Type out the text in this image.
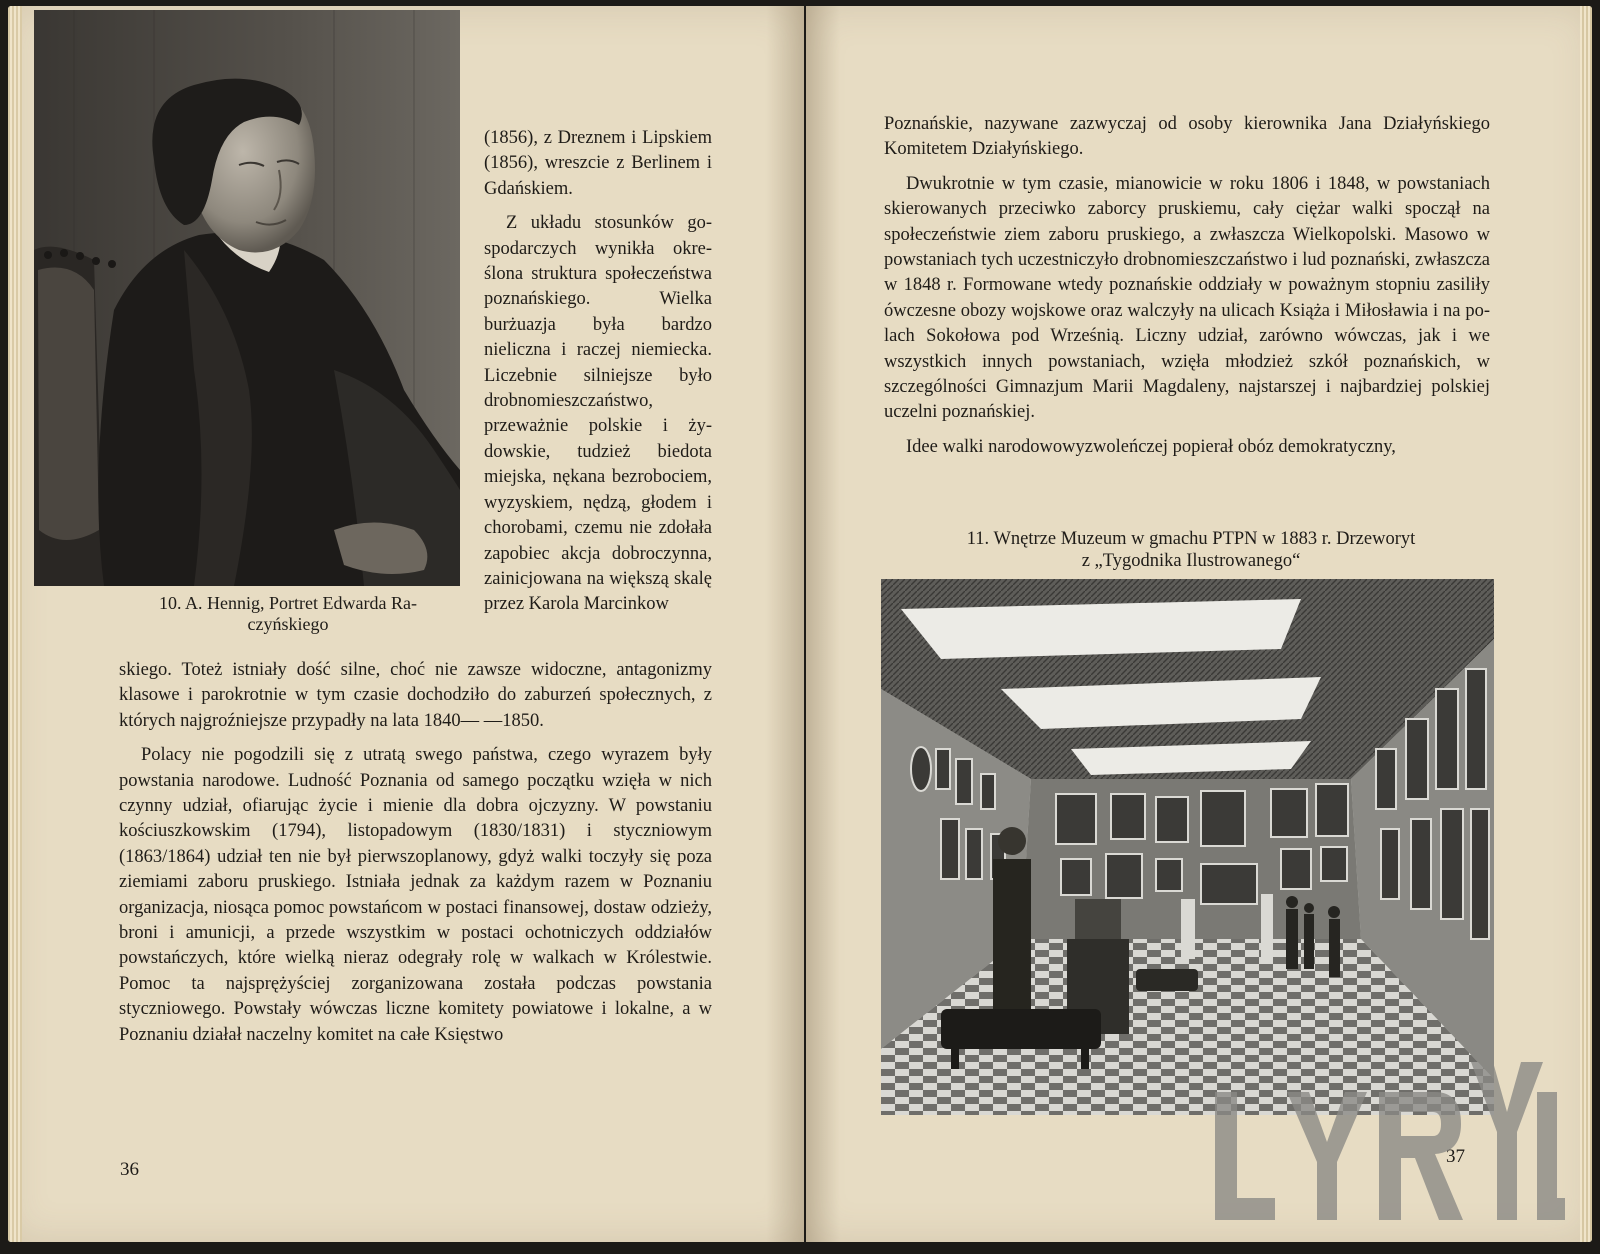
10. A. Hennig, Portret Edwarda Ra-
czyńskiego

(1856), z Dreznem i Lipskiem (1856), wreszcie z Berlinem i Gdańskiem.

Z układu stosunków gospodarczych wynikła określona struktura społeczeństwa poznańskiego. Wielka burżuazja była bardzo nieliczna i raczej niemiecka. Liczebnie silniejsze było drobnomieszczaństwo, przeważnie polskie i żydowskie, tudzież biedota miejska, nękana bezrobociem, wyzyskiem, nędzą, głodem i chorobami, czemu nie zdołała zapobiec akcja dobroczynna, zainicjowana na większą skalę przez Karola Marcinkow

skiego. Toteż istniały dość silne, choć nie zawsze widoczne, antagonizmy klasowe i parokrotnie w tym czasie dochodziło do zaburzeń społecznych, z których najgroźniejsze przypadły na lata 1840— —1850.

Polacy nie pogodzili się z utratą swego państwa, czego wyrazem były powstania narodowe. Ludność Poznania od samego początku wzięła w nich czynny udział, ofiarując życie i mienie dla dobra ojczyzny. W powstaniu kościuszkowskim (1794), listopadowym (1830/1831) i styczniowym (1863/1864) udział ten nie był pierwszoplanowy, gdyż walki toczyły się poza ziemiami zaboru pruskiego. Istniała jednak za każdym razem w Poznaniu organizacja, niosąca pomoc powstańcom w postaci finansowej, dostaw odzieży, broni i amunicji, a przede wszystkim w postaci ochotniczych oddziałów powstańczych, które wielką nieraz odegrały rolę w walkach w Królestwie. Pomoc ta najsprężyściej zorganizowana została podczas powstania styczniowego. Powstały wówczas liczne komitety powiatowe i lokalne, a w Poznaniu działał naczelny komitet na całe Księstwo

36

Poznańskie, nazywane zazwyczaj od osoby kierownika Jana Działyńskiego Komitetem Działyńskiego.

Dwukrotnie w tym czasie, mianowicie w roku 1806 i 1848, w powstaniach skierowanych przeciwko zaborcy pruskiemu, cały ciężar walki spoczął na społeczeństwie ziem zaboru pruskiego, a zwłaszcza Wielkopolski. Masowo w powstaniach tych uczestniczyło drobnomieszczaństwo i lud poznański, zwłaszcza w 1848 r. Formowane wtedy poznańskie oddziały w poważnym stopniu zasiliły ówczesne obozy wojskowe oraz walczyły na ulicach Książa i Miłosławia i na polach Sokołowa pod Wrześnią. Liczny udział, zarówno wówczas, jak i we wszystkich innych powstaniach, wzięła młodzież szkół poznańskich, w szczególności Gimnazjum Marii Magdaleny, najstarszej i najbardziej polskiej uczelni poznańskiej.

Idee walki narodowowyzwoleńczej popierał obóz demokratyczny,

11. Wnętrze Muzeum w gmachu PTPN w 1883 r. Drzeworyt
z „Tygodnika Ilustrowanego“
37
LYRYL
